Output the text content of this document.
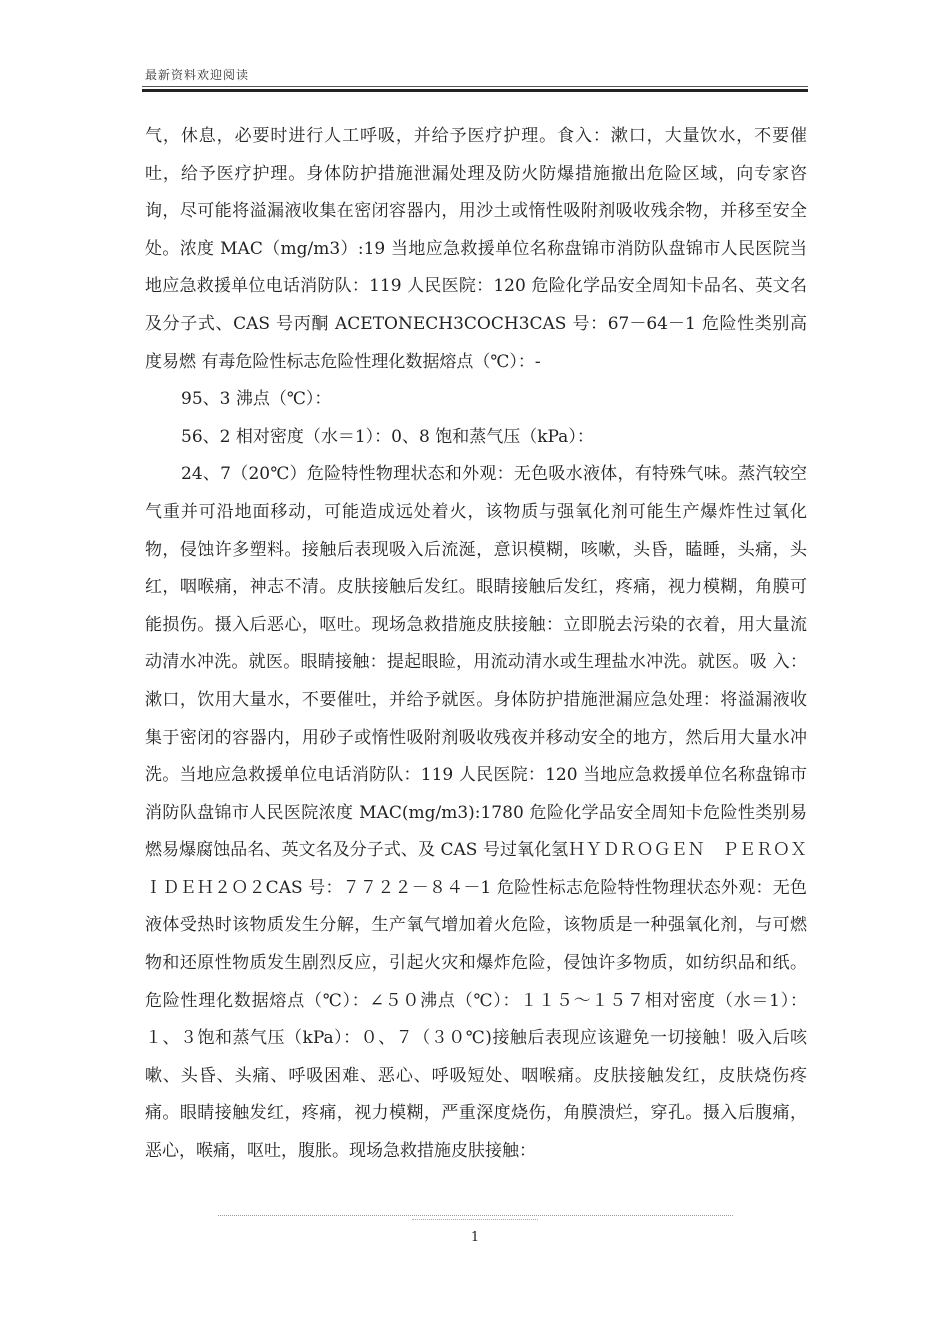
最新资料欢迎阅读

气，休息，必要时进行人工呼吸，并给予医疗护理。食入：漱口，大量饮水，不要催吐，给予医疗护理。身体防护措施泄漏处理及防火防爆措施撤出危险区域，向专家咨询，尽可能将溢漏液收集在密闭容器内，用沙土或惰性吸附剂吸收残余物，并移至安全处。浓度 MAC（mg/m3）:19 当地应急救援单位名称盘锦市消防队盘锦市人民医院当地应急救援单位电话消防队：119 人民医院：120 危险化学品安全周知卡品名、英文名及分子式、CAS 号丙酮 ACETONECH3COCH3CAS 号：67－64－1 危险性类别高度易燃 有毒危险性标志危险性理化数据熔点（℃）：-

95、3 沸点（℃）：

56、2 相对密度（水＝1）：0、8 饱和蒸气压（kPa）：

24、7（20℃）危险特性物理状态和外观：无色吸水液体，有特殊气味。蒸汽较空气重并可沿地面移动，可能造成远处着火，该物质与强氧化剂可能生产爆炸性过氧化物，侵蚀许多塑料。接触后表现吸入后流涎，意识模糊，咳嗽，头昏，瞌睡，头痛，头红，咽喉痛，神志不清。皮肤接触后发红。眼睛接触后发红，疼痛，视力模糊，角膜可能损伤。摄入后恶心，呕吐。现场急救措施皮肤接触：立即脱去污染的衣着，用大量流动清水冲洗。就医。眼睛接触：提起眼睑，用流动清水或生理盐水冲洗。就医。吸 入：漱口，饮用大量水，不要催吐，并给予就医。身体防护措施泄漏应急处理：将溢漏液收集于密闭的容器内，用砂子或惰性吸附剂吸收残夜并移动安全的地方，然后用大量水冲洗。当地应急救援单位电话消防队：119 人民医院：120 当地应急救援单位名称盘锦市消防队盘锦市人民医院浓度 MAC(mg/m3):1780 危险化学品安全周知卡危险性类别易燃易爆腐蚀品名、英文名及分子式、及 CAS 号过氧化氢ＨＹＤＲＯＧＥＮ　ＰＥＲＯＸＩＤＥＨ２Ｏ２CAS 号：７７２２－８４－1 危险性标志危险特性物理状态外观：无色液体受热时该物质发生分解，生产氧气增加着火危险，该物质是一种强氧化剂，与可燃物和还原性物质发生剧烈反应，引起火灾和爆炸危险，侵蚀许多物质，如纺织品和纸。危险性理化数据熔点（℃）：∠５０沸点（℃）：１１５～１５７相对密度（水＝1）：１、３饱和蒸气压（kPa）：０、７（３０℃)接触后表现应该避免一切接触！吸入后咳嗽、头昏、头痛、呼吸困难、恶心、呼吸短处、咽喉痛。皮肤接触发红，皮肤烧伤疼痛。眼睛接触发红，疼痛，视力模糊，严重深度烧伤，角膜溃烂，穿孔。摄入后腹痛，恶心，喉痛，呕吐，腹胀。现场急救措施皮肤接触：

1
